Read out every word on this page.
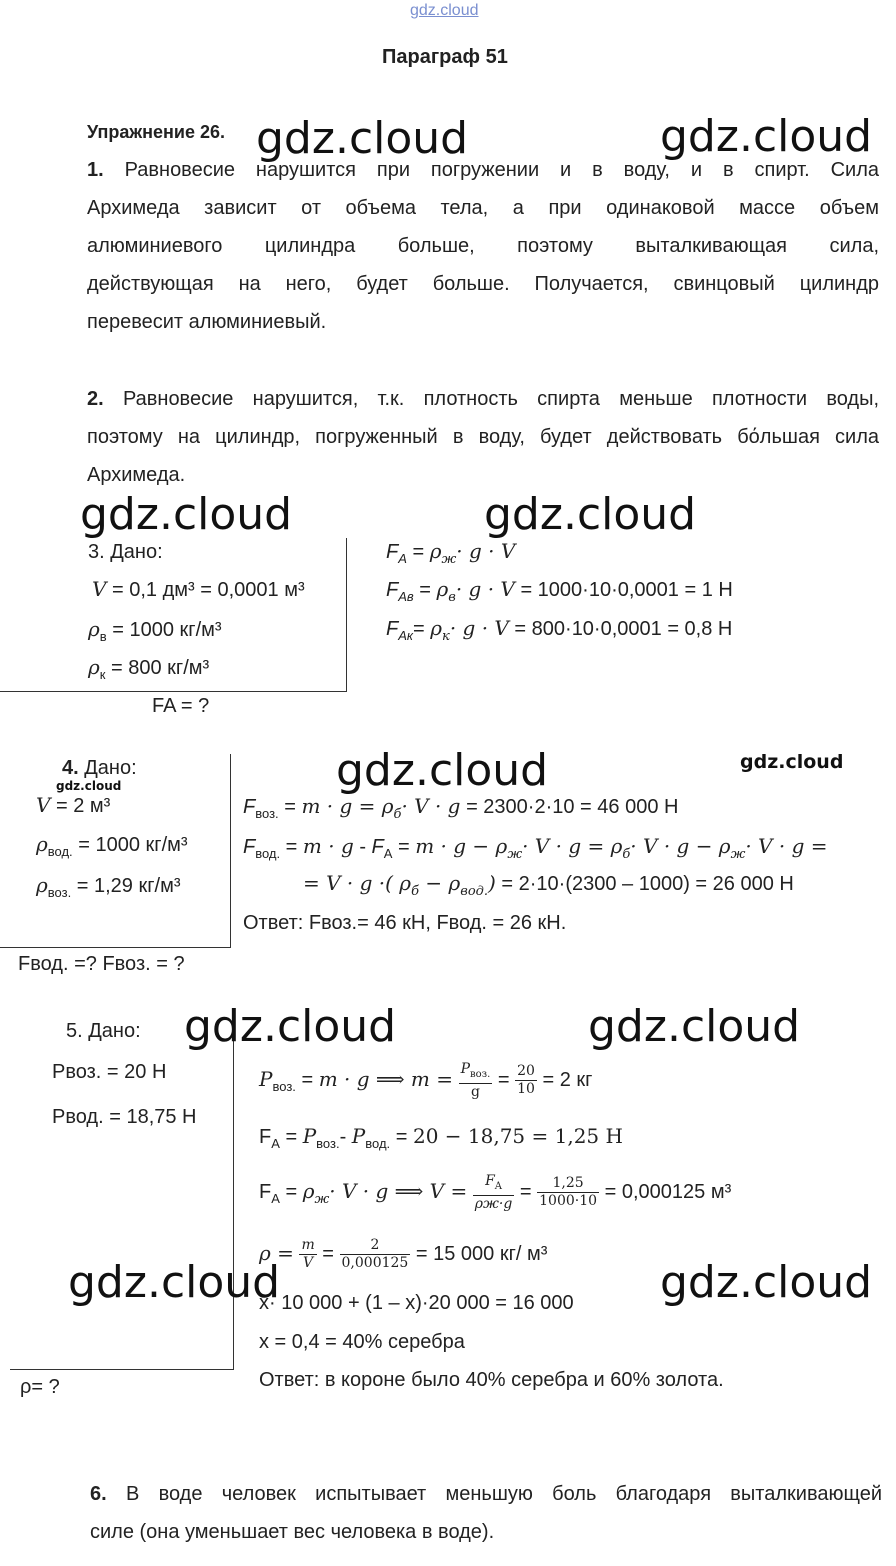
gdz.cloud
Параграф 51
Упражнение 26.
1. Равновесие нарушится при погружении и в воду, и в спирт. Сила
Архимеда зависит от объема тела, а при одинаковой массе объем
алюминиевого цилиндра больше, поэтому выталкивающая сила,
действующая на него, будет больше. Получается, свинцовый цилиндр
перевесит алюминиевый.
2. Равновесие нарушится, т.к. плотность спирта меньше плотности воды,
поэтому на цилиндр, погруженный в воду, будет действовать бόльшая сила
Архимеда.
3. Дано:
V = 0,1 дм³ = 0,0001 м³
$\rho_в = 1000$ кг/м³
$\rho_к = 800$ кг/м³
FA = ?
$F_A = \rho_ж\cdot g \cdot V$
$F_{Aв} = \rho_в\cdot g \cdot V = 1000\cdot 10\cdot 0,0001 = 1$ Н
$F_{Aк}= \rho_к\cdot g \cdot V = 800\cdot 10\cdot 0,0001 = 0,8$ Н
4. Дано:
V = 2 м³
$\rho_{вод.} = 1000$ кг/м³
$\rho_{воз.} = 1,29$ кг/м³
Fвод. =? Fвоз. = ?
$F_{воз.} = m \cdot g = \rho_б\cdot V \cdot g = 2300\cdot 2\cdot 10 = 46$ 000 Н
$F_{вод.} = m \cdot g - F_A = m \cdot g - \rho_ж\cdot V \cdot g = \rho_б\cdot V \cdot g - \rho_ж\cdot V \cdot g$ =
= V · g ·( $\rho_б - \rho_{вод.}) = 2\cdot 10\cdot(2300 - 1000) = 26$ 000 Н
Ответ: Fвоз.= 46 кН, Fвод. = 26 кН.
5. Дано:
Pвоз. = 20 Н
Pвод. = 18,75 Н
ρ= ?
$P_{воз.} = m \cdot g$ ⟹ $m = \frac{P_{воз.}}{g} = \frac{20}{10} = 2$ кг
$F_A = P_{воз.}-$ $P_{вод.} = 20 - 18,75 = 1,25$ Н
$F_A = \rho_ж\cdot V \cdot g$ ⟹ $V = \frac{F_A}{\rho ж\cdot g} = \frac{1,25}{1000\cdot 10} = 0,000125$ м³
$\rho = \frac{m}{V} = \frac{2}{0,000125} = 15$ 000 кг/ м³
x· 10 000 + (1 – x)·20 000 = 16 000
x = 0,4 = 40% серебра
Ответ: в короне было 40% серебра и 60% золота.
6. В воде человек испытывает меньшую боль благодаря выталкивающей
силе (она уменьшает вес человека в воде).
gdz.cloud	gdz.cloud
gdz.cloud	gdz.cloud
gdz.cloud	gdz.cloud
gdz.cloud
gdz.cloud	gdz.cloud
gdz.cloud	gdz.cloud
